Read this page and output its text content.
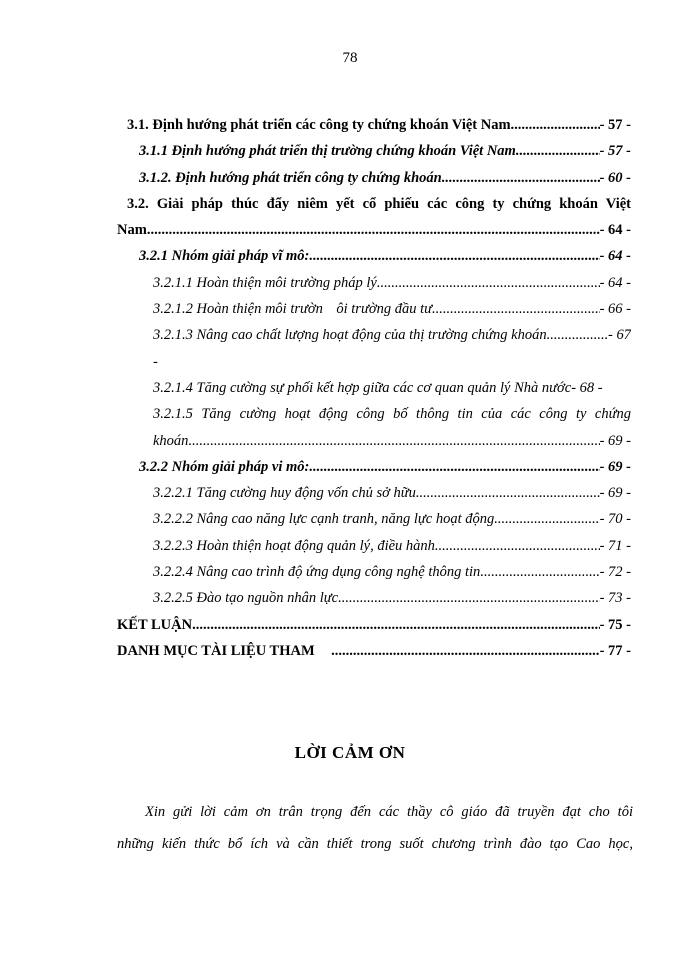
78
3.1. Định hướng phát triển các công ty chứng khoán Việt Nam .....	- 57 -
3.1.1 Định hướng phát triển thị trường chứng khoán Việt Nam .....	- 57 -
3.1.2. Định hướng phát triển công ty chứng khoán .....	- 60 -
3.2. Giải pháp thúc đẩy niêm yết cổ phiếu các công ty chứng khoán Việt
Nam .....	- 64 -
3.2.1 Nhóm giải pháp vĩ mô: .....	- 64 -
3.2.1.1 Hoàn thiện môi trường pháp lý .....	- 64 -
3.2.1.2 Hoàn thiện môi trườn ôi trường đầu tư .....	- 66 -
3.2.1.3 Nâng cao chất lượng hoạt động của thị trường chứng khoán .....	- 67
-
3.2.1.4 Tăng cường sự phối kết hợp giữa các cơ quan quản lý Nhà nước - 68 -
3.2.1.5 Tăng cường hoạt động công bố thông tin của các công ty chứng
khoán .....	- 69 -
3.2.2 Nhóm giải pháp vi mô: .....	- 69 -
3.2.2.1 Tăng cường huy động vốn chủ sở hữu .....	- 69 -
3.2.2.2 Nâng cao năng lực cạnh tranh, năng lực hoạt động .....	- 70 -
3.2.2.3 Hoàn thiện hoạt động quản lý, điều hành .....	- 71 -
3.2.2.4 Nâng cao trình độ ứng dụng công nghệ thông tin .....	- 72 -
3.2.2.5 Đào tạo nguồn nhân lực .....	- 73 -
KẾT LUẬN .....	- 75 -
DANH MỤC TÀI LIỆU THAM .....	- 77 -
LỜI CẢM ƠN
Xin gửi lời cảm ơn trân trọng đến các thầy cô giáo đã truyền đạt cho tôi
những kiến thức bổ ích và cần thiết trong suốt chương trình đào tạo Cao học,
